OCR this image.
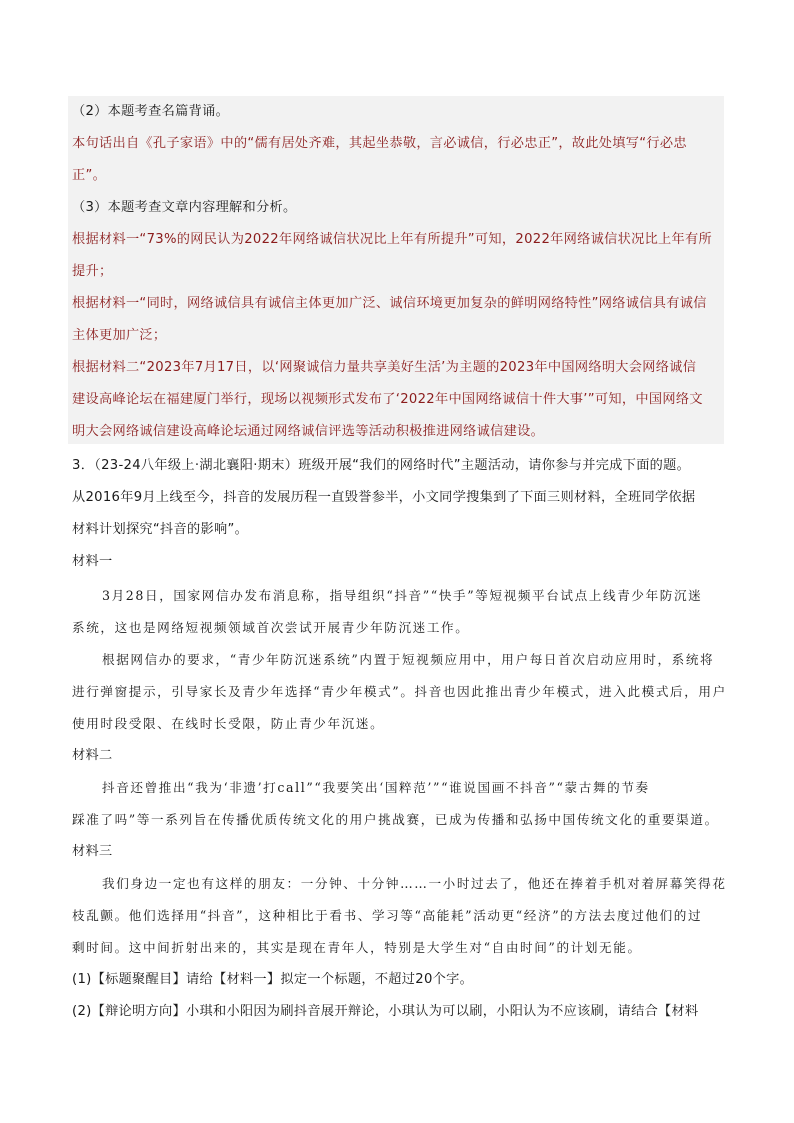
（2）本题考查名篇背诵。
本句话出自《孔子家语》中的“儒有居处齐难，其起坐恭敬，言必诚信，行必忠正”，故此处填写“行必忠
正”。
（3）本题考查文章内容理解和分析。
根据材料一“73%的网民认为2022年网络诚信状况比上年有所提升”可知，2022年网络诚信状况比上年有所
提升；
根据材料一“同时，网络诚信具有诚信主体更加广泛、诚信环境更加复杂的鲜明网络特性”网络诚信具有诚信
主体更加广泛；
根据材料二“2023年7月17日，以‘网聚诚信力量共享美好生活’为主题的2023年中国网络明大会网络诚信
建设高峰论坛在福建厦门举行，现场以视频形式发布了‘2022年中国网络诚信十件大事’”可知，中国网络文
明大会网络诚信建设高峰论坛通过网络诚信评选等活动积极推进网络诚信建设。
3．（23-24八年级上·湖北襄阳·期末）班级开展“我们的网络时代”主题活动，请你参与并完成下面的题。
从2016年9月上线至今，抖音的发展历程一直毁誉参半，小文同学搜集到了下面三则材料，全班同学依据
材料计划探究“抖音的影响”。
材料一
3月28日，国家网信办发布消息称，指导组织“抖音”“快手”等短视频平台试点上线青少年防沉迷
系统，这也是网络短视频领域首次尝试开展青少年防沉迷工作。
根据网信办的要求，“青少年防沉迷系统”内置于短视频应用中，用户每日首次启动应用时，系统将
进行弹窗提示，引导家长及青少年选择“青少年模式”。抖音也因此推出青少年模式，进入此模式后，用户
使用时段受限、在线时长受限，防止青少年沉迷。
材料二
抖音还曾推出“我为‘非遗’打call”“我要笑出‘国粹范’”“谁说国画不抖音”“蒙古舞的节奏
踩准了吗”等一系列旨在传播优质传统文化的用户挑战赛，已成为传播和弘扬中国传统文化的重要渠道。
材料三
我们身边一定也有这样的朋友：一分钟、十分钟……一小时过去了，他还在捧着手机对着屏幕笑得花
枝乱颤。他们选择用“抖音”，这种相比于看书、学习等“高能耗”活动更“经济”的方法去度过他们的过
剩时间。这中间折射出来的，其实是现在青年人，特别是大学生对“自由时间”的计划无能。
(1)【标题聚醒目】请给【材料一】拟定一个标题，不超过20个字。
(2)【辩论明方向】小琪和小阳因为刷抖音展开辩论，小琪认为可以刷，小阳认为不应该刷，请结合【材料
